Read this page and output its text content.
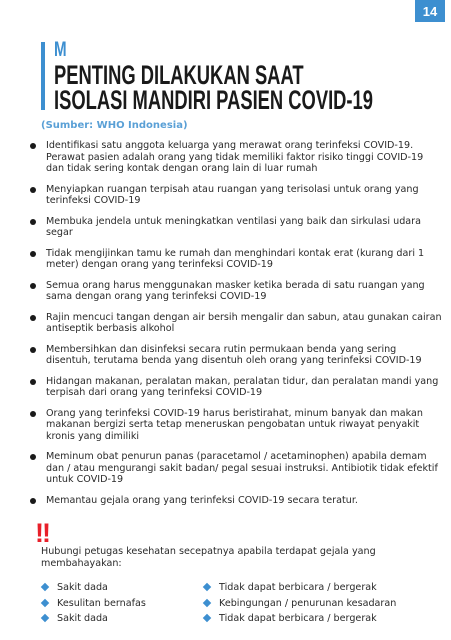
14
M
PENTING DILAKUKAN SAAT
ISOLASI MANDIRI PASIEN COVID-19
(Sumber: WHO Indonesia)
Identifikasi satu anggota keluarga yang merawat orang terinfeksi COVID-19. Perawat pasien adalah orang yang tidak memiliki faktor risiko tinggi COVID-19 dan tidak sering kontak dengan orang lain di luar rumah
Menyiapkan ruangan terpisah atau ruangan yang terisolasi untuk orang yang terinfeksi COVID-19
Membuka jendela untuk meningkatkan ventilasi yang baik dan sirkulasi udara segar
Tidak mengijinkan tamu ke rumah dan menghindari kontak erat (kurang dari 1 meter) dengan orang yang terinfeksi COVID-19
Semua orang harus menggunakan masker ketika berada di satu ruangan yang sama dengan orang yang terinfeksi COVID-19
Rajin mencuci tangan dengan air bersih mengalir dan sabun, atau gunakan cairan antiseptik berbasis alkohol
Membersihkan dan disinfeksi secara rutin permukaan benda yang sering disentuh, terutama benda yang disentuh oleh orang yang terinfeksi COVID-19
Hidangan makanan, peralatan makan, peralatan tidur, dan peralatan mandi yang terpisah dari orang yang terinfeksi COVID-19
Orang yang terinfeksi COVID-19 harus beristirahat, minum banyak dan makan makanan bergizi serta tetap meneruskan pengobatan untuk riwayat penyakit kronis yang dimiliki
Meminum obat penurun panas (paracetamol / acetaminophen) apabila demam dan / atau mengurangi sakit badan/ pegal sesuai instruksi. Antibiotik tidak efektif untuk COVID-19
Memantau gejala orang yang terinfeksi COVID-19 secara teratur.
!!
Hubungi petugas kesehatan secepatnya apabila terdapat gejala yang membahayakan:
Sakit dada
Kesulitan bernafas
Sakit dada
Tidak dapat berbicara / bergerak
Kebingungan / penurunan kesadaran
Tidak dapat berbicara / bergerak
